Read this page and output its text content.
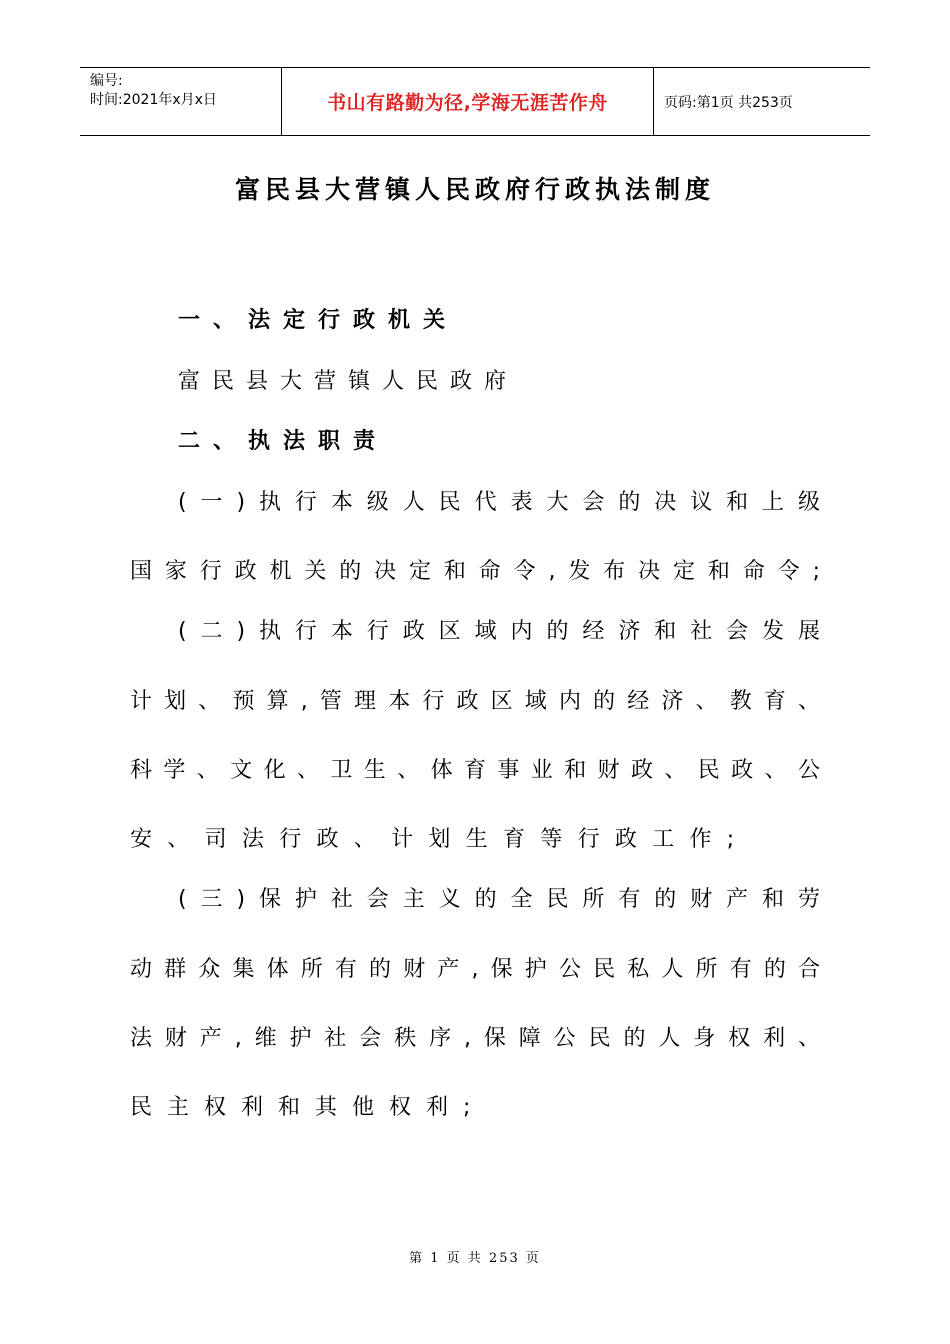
编号:
时间:2021年x月x日	书山有路勤为径,学海无涯苦作舟	页码:第1页 共253页
富民县大营镇人民政府行政执法制度
一、法定行政机关
富民县大营镇人民政府
二、执法职责
(一)执行本级人民代表大会的决议和上级
国家行政机关的决定和命令,发布决定和命令;
(二)执行本行政区域内的经济和社会发展
计划、预算,管理本行政区域内的经济、教育、
科学、文化、卫生、体育事业和财政、民政、公
安、司法行政、计划生育等行政工作;
(三)保护社会主义的全民所有的财产和劳
动群众集体所有的财产,保护公民私人所有的合
法财产,维护社会秩序,保障公民的人身权利、
民主权利和其他权利;
第 1 页 共 253 页
